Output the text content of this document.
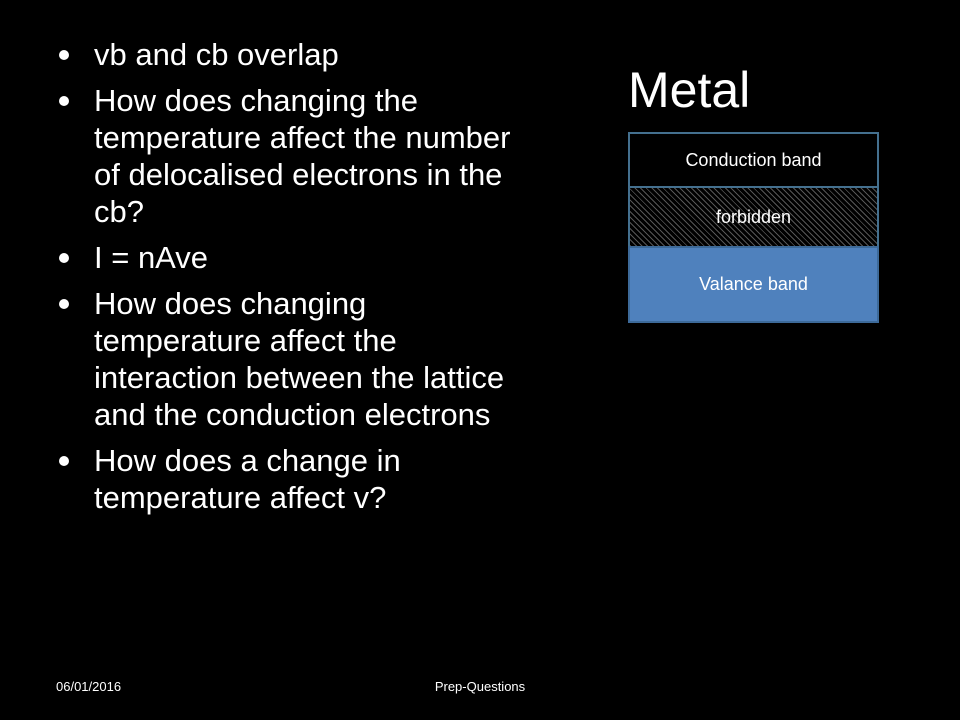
vb and cb overlap
How does changing the temperature affect the number of delocalised electrons in the cb?
I = nAve
How does changing temperature affect the interaction between the lattice and the conduction electrons
How does a change in temperature affect v?
Metal
Conduction band
forbidden
Valance band
06/01/2016	Prep-Questions
